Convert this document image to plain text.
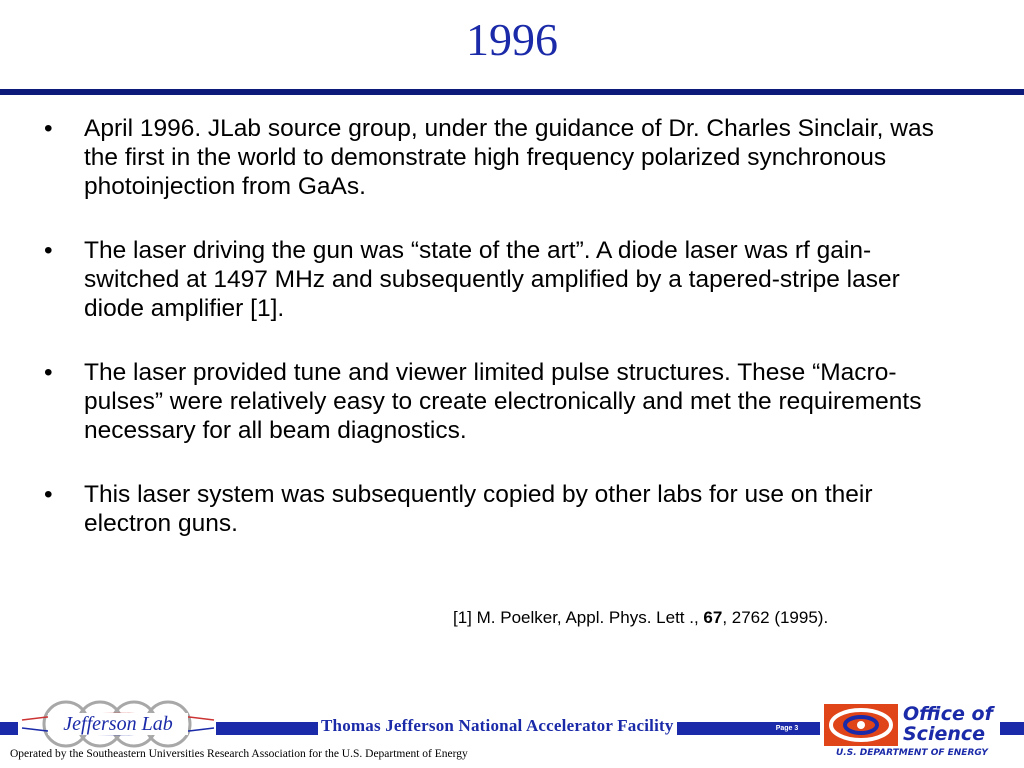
1996
•	April 1996. JLab source group, under the guidance of Dr. Charles Sinclair, was the first in the world to demonstrate high frequency polarized synchronous photoinjection from GaAs.
•	The laser driving the gun was “state of the art”. A diode laser was rf gain-switched at 1497 MHz and subsequently amplified by a tapered-stripe laser diode amplifier [1].
•	The laser provided tune and viewer limited pulse structures. These “Macro-pulses” were relatively easy to create electronically and met the requirements necessary for all beam diagnostics.
•	This laser system was subsequently copied by other labs for use on their electron guns.
[1] M. Poelker, Appl. Phys. Lett ., 67, 2762 (1995).
Jefferson Lab	Thomas Jefferson National Accelerator Facility	Page 3
Office of
Science
U.S. DEPARTMENT OF ENERGY
Operated by the Southeastern Universities Research Association for the U.S. Department of Energy
